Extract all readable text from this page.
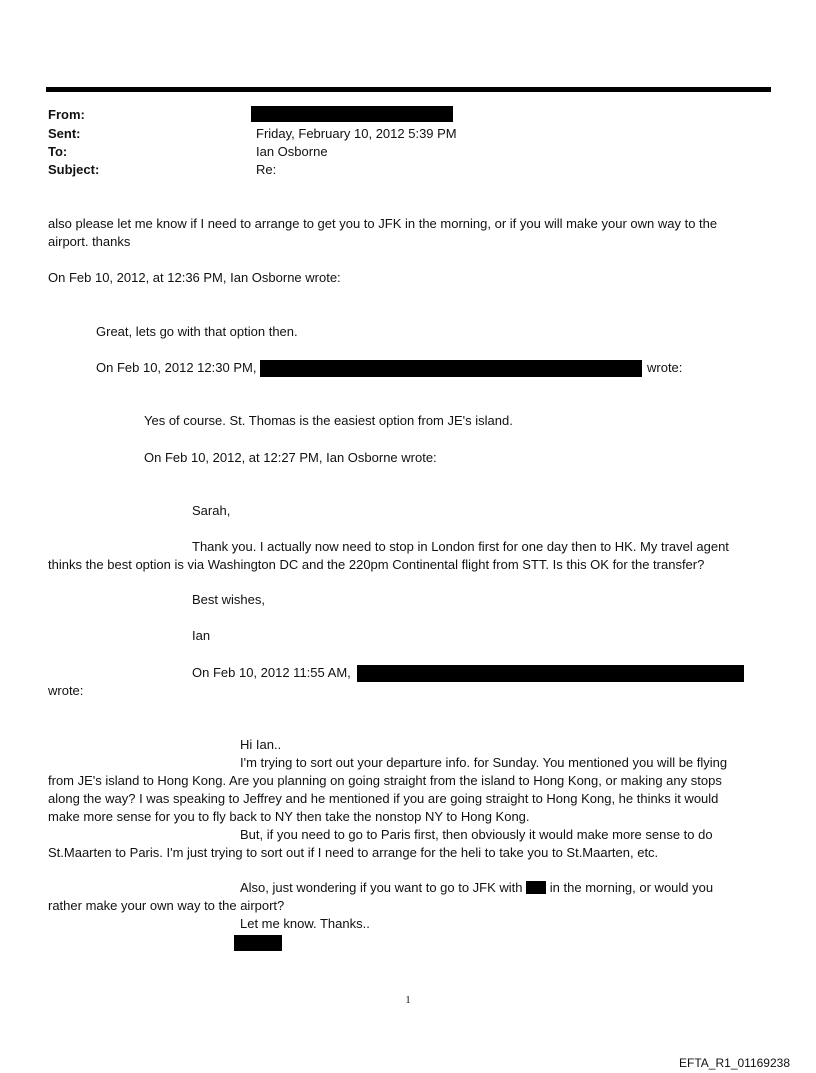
From:
Sent:	Friday, February 10, 2012 5:39 PM
To:	Ian Osborne
Subject:	Re:
also please let me know if I need to arrange to get you to JFK in the morning, or if you will make your own way to the
airport. thanks
On Feb 10, 2012, at 12:36 PM, Ian Osborne wrote:
Great, lets go with that option then.
On Feb 10, 2012 12:30 PM,	wrote:
Yes of course. St. Thomas is the easiest option from JE's island.
On Feb 10, 2012, at 12:27 PM, Ian Osborne wrote:
Sarah,
Thank you. I actually now need to stop in London first for one day then to HK. My travel agent
thinks the best option is via Washington DC and the 220pm Continental flight from STT. Is this OK for the transfer?
Best wishes,
Ian
On Feb 10, 2012 11:55 AM,
wrote:
Hi Ian..
I'm trying to sort out your departure info. for Sunday. You mentioned you will be flying
from JE's island to Hong Kong. Are you planning on going straight from the island to Hong Kong, or making any stops
along the way? I was speaking to Jeffrey and he mentioned if you are going straight to Hong Kong, he thinks it would
make more sense for you to fly back to NY then take the nonstop NY to Hong Kong.
But, if you need to go to Paris first, then obviously it would make more sense to do
St.Maarten to Paris. I'm just trying to sort out if I need to arrange for the heli to take you to St.Maarten, etc.
Also, just wondering if you want to go to JFK with in the morning, or would you
rather make your own way to the airport?
Let me know. Thanks..
1
EFTA_R1_01169238
